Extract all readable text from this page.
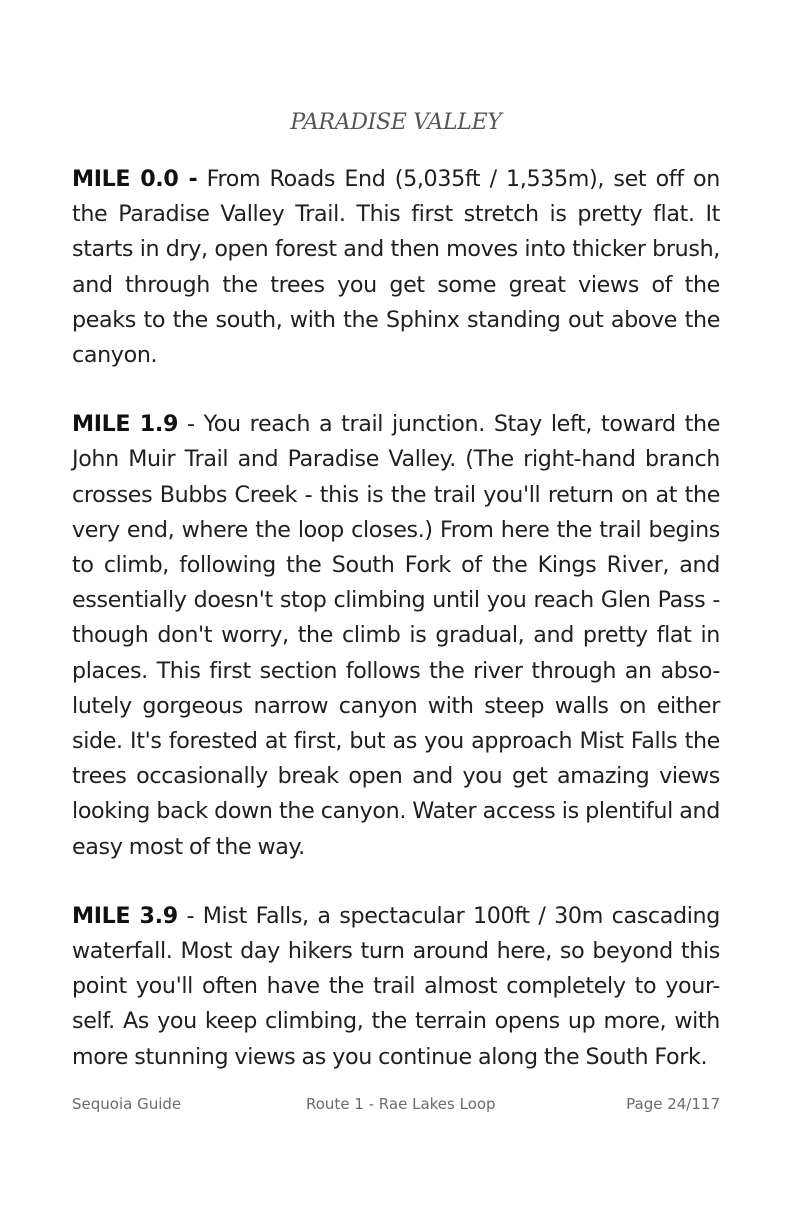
PARADISE VALLEY

MILE 0.0 - From Roads End (5,035ft / 1,535m), set off on the Paradise Valley Trail. This first stretch is pretty flat. It starts in dry, open forest and then moves into thicker brush, and through the trees you get some great views of the peaks to the south, with the Sphinx standing out above the canyon.

MILE 1.9 - You reach a trail junction. Stay left, toward the John Muir Trail and Paradise Valley. (The right-hand branch crosses Bubbs Creek - this is the trail you'll return on at the very end, where the loop closes.) From here the trail begins to climb, following the South Fork of the Kings River, and essentially doesn't stop climbing until you reach Glen Pass - though don't worry, the climb is gradual, and pretty flat in places. This first section follows the river through an abso-lutely gorgeous narrow canyon with steep walls on either side. It's forested at first, but as you approach Mist Falls the trees occasionally break open and you get amazing views looking back down the canyon. Water access is plentiful and easy most of the way.

MILE 3.9 - Mist Falls, a spectacular 100ft / 30m cascading waterfall. Most day hikers turn around here, so beyond this point you'll often have the trail almost completely to your-self. As you keep climbing, the terrain opens up more, with more stunning views as you continue along the South Fork.

Sequoia Guide	Route 1 - Rae Lakes Loop	Page 24/117
